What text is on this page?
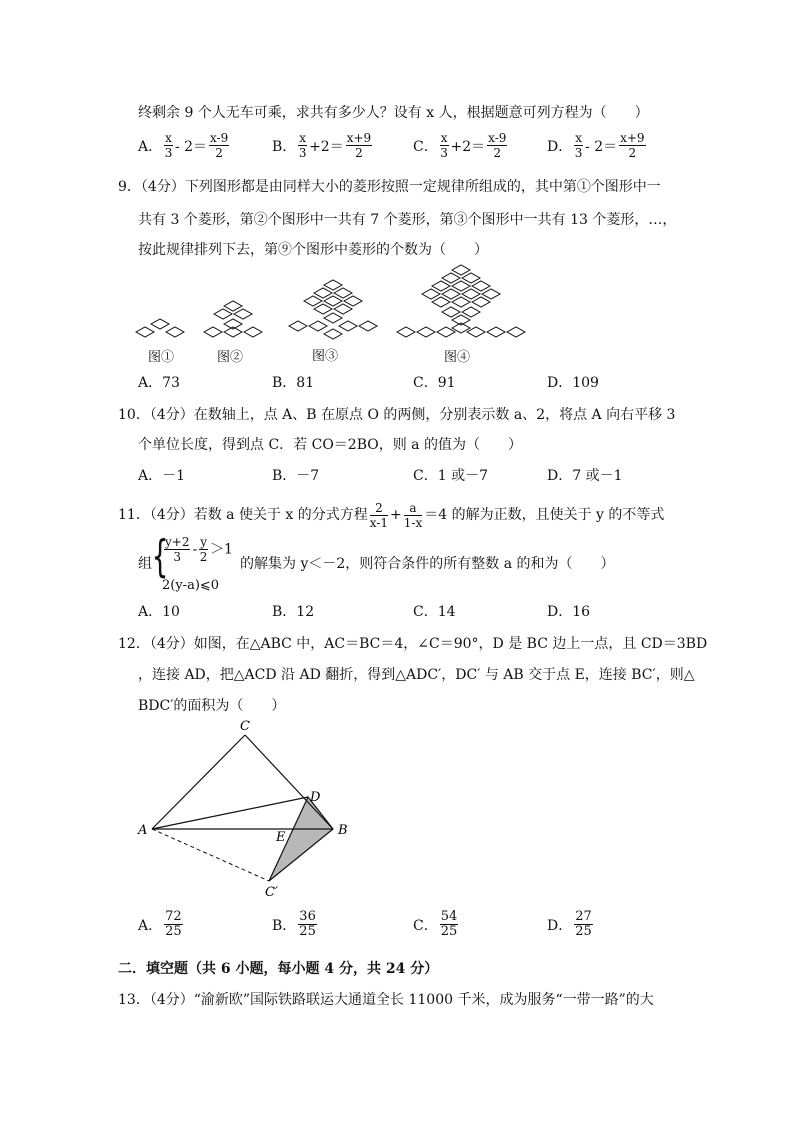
终剩余 9 个人无车可乘，求共有多少人？设有 x 人，根据题意可列方程为（　　）
A． $\frac{x}{3} - 2= \frac{x-9}{2}$	B． $\frac{x}{3} +2= \frac{x+9}{2}$	C． $\frac{x}{3} +2= \frac{x-9}{2}$	D． $\frac{x}{3} - 2= \frac{x+9}{2}$
9．（4分）下列图形都是由同样大小的菱形按照一定规律所组成的，其中第①个图形中一
共有 3 个菱形，第②个图形中一共有 7 个菱形，第③个图形中一共有 13 个菱形，…，
按此规律排列下去，第⑨个图形中菱形的个数为（　　）
图①	图②	图③	图④
A．73	B．81	C．91	D．109
10．（4分）在数轴上，点 A、B 在原点 O 的两侧，分别表示数 a、2，将点 A 向右平移 3
个单位长度，得到点 C．若 CO＝2BO，则 a 的值为（　　）
A．－1	B．－7	C．1 或－7	D．7 或－1
11．（4分）若数 a 使关于 x 的分式方程 $\frac{2}{x-1} + \frac{a}{1-x} =4$ 的解为正数，且使关于 y 的不等式
组 {
$\frac{y+2}{3} - \frac{y}{2} >1$
2(y-a)⩽0
的解集为 y＜－2，则符合条件的所有整数 a 的和为（　　）
A．10	B．12	C．14	D．16
12．（4分）如图，在△ABC 中，AC＝BC＝4，∠C＝90°，D 是 BC 边上一点，且 CD＝3BD
，连接 AD，把△ACD 沿 AD 翻折，得到△ADC′，DC′ 与 AB 交于点 E，连接 BC′，则△
BDC′的面积为（　　）
C
D
A	E	B
C′
A． $\frac{72}{25}$	B． $\frac{36}{25}$	C． $\frac{54}{25}$	D． $\frac{27}{25}$
二．填空题（共 6 小题，每小题 4 分，共 24 分）
13．（4分）“渝新欧”国际铁路联运大通道全长 11000 千米，成为服务“一带一路”的大
